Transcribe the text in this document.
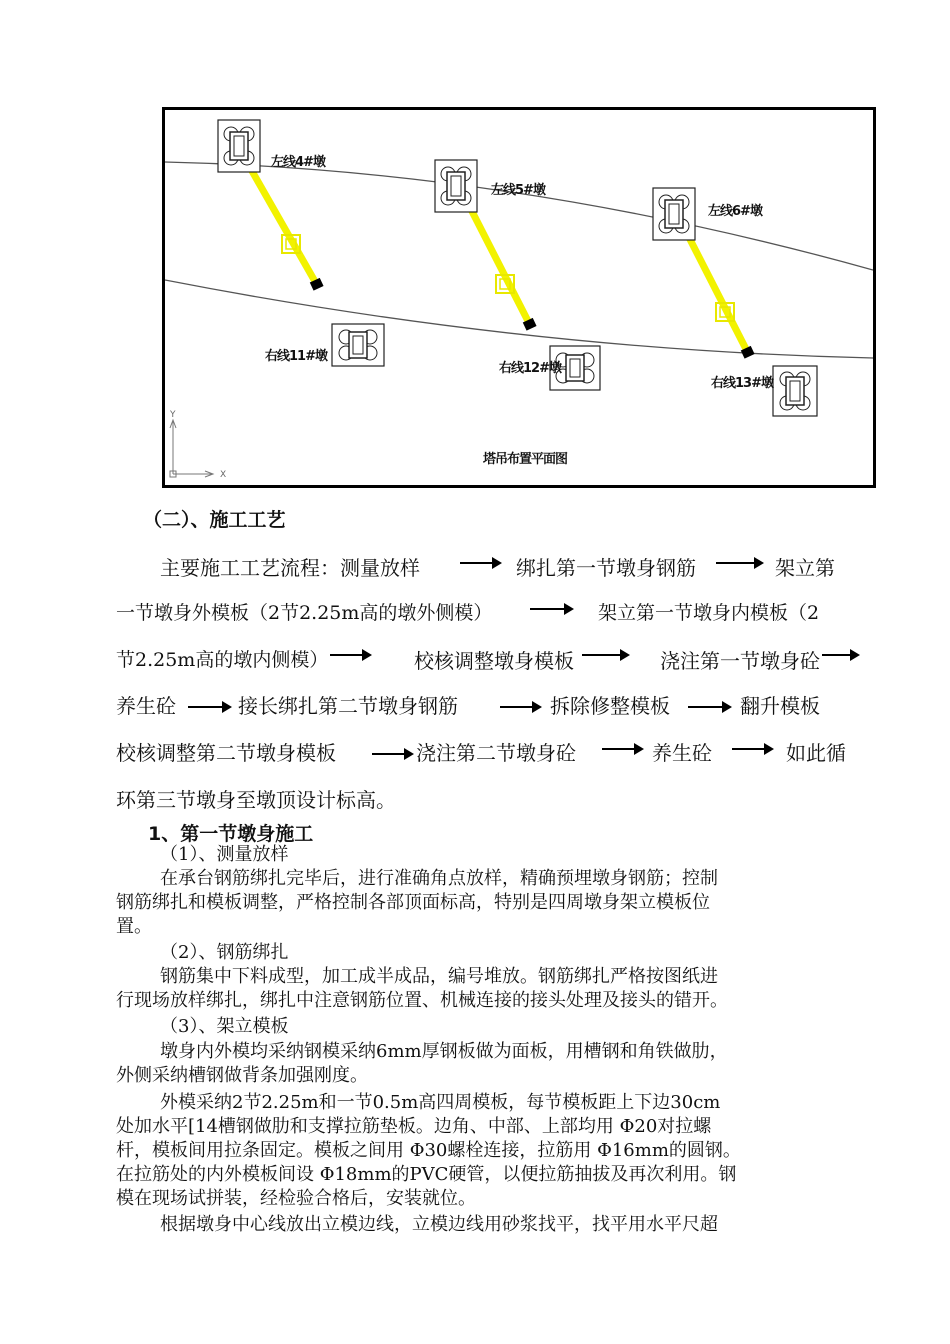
左线4#墩
左线5#墩
左线6#墩
右线11#墩
右线12#墩
右线13#墩
Y
X
塔吊布置平面图
（二）、施工工艺
主要施工工艺流程：测量放样	绑扎第一节墩身钢筋	架立第
一节墩身外模板（2节2.25m高的墩外侧模）	架立第一节墩身内模板（2
节2.25m高的墩内侧模）	校核调整墩身模板	浇注第一节墩身砼
养生砼	接长绑扎第二节墩身钢筋	拆除修整模板	翻升模板
校核调整第二节墩身模板	浇注第二节墩身砼	养生砼	如此循
环第三节墩身至墩顶设计标高。
1、第一节墩身施工
（1）、测量放样
在承台钢筋绑扎完毕后，进行准确角点放样，精确预埋墩身钢筋；控制
钢筋绑扎和模板调整，严格控制各部顶面标高，特别是四周墩身架立模板位
置。
（2）、钢筋绑扎
钢筋集中下料成型，加工成半成品，编号堆放。钢筋绑扎严格按图纸进
行现场放样绑扎，绑扎中注意钢筋位置、机械连接的接头处理及接头的错开。
（3）、架立模板
墩身内外模均采纳钢模采纳6mm厚钢板做为面板，用槽钢和角铁做肋，
外侧采纳槽钢做背条加强刚度。
外模采纳2节2.25m和一节0.5m高四周模板，每节模板距上下边30cm
处加水平[14槽钢做肋和支撑拉筋垫板。边角、中部、上部均用 Φ20对拉螺
杆，模板间用拉条固定。模板之间用 Φ30螺栓连接，拉筋用 Φ16mm的圆钢。
在拉筋处的内外模板间设 Φ18mm的PVC硬管，以便拉筋抽拔及再次利用。钢
模在现场试拼装，经检验合格后，安装就位。
根据墩身中心线放出立模边线，立模边线用砂浆找平，找平用水平尺超
